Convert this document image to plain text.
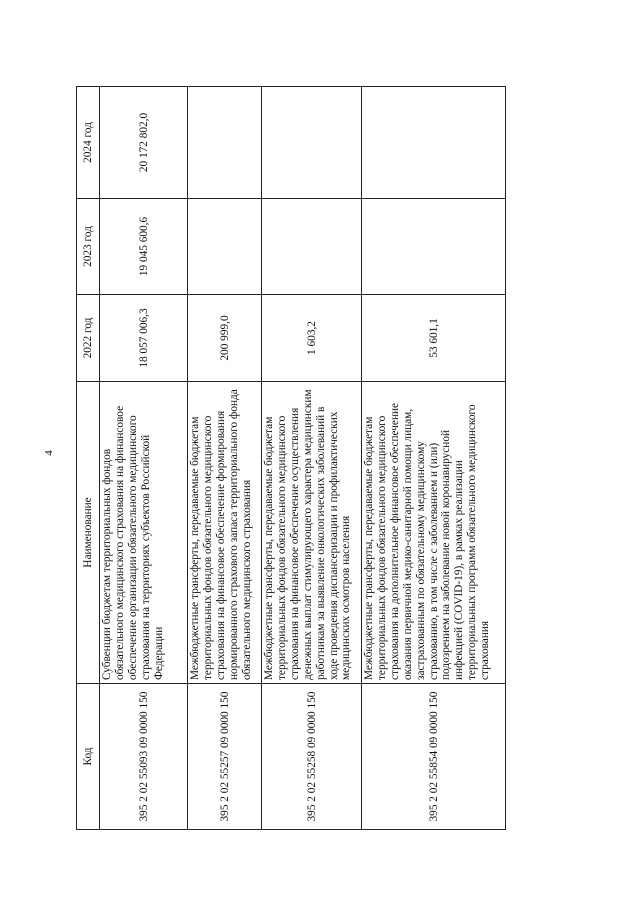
4
Код	Наименование	2022 год	2023 год	2024 год
395 2 02 55093 09 0000 150	Субвенции бюджетам территориальных фондов обязательного медицинского страхования на финансовое обеспечение организации обязательного медицинского страхования на территориях субъектов Российской Федерации	18 057 006,3	19 045 600,6	20 172 802,0
395 2 02 55257 09 0000 150	Межбюджетные трансферты, передаваемые бюджетам территориальных фондов обязательного медицинского страхования на финансовое обеспечение формирования нормированного страхового запаса территориального фонда обязательного медицинского страхования	200 999,0		
395 2 02 55258 09 0000 150	Межбюджетные трансферты, передаваемые бюджетам территориальных фондов обязательного медицинского страхования на финансовое обеспечение осуществления денежных выплат стимулирующего характера медицинским работникам за выявление онкологических заболеваний в ходе проведения диспансеризации и профилактических медицинских осмотров населения	1 603,2		
395 2 02 55854 09 0000 150	Межбюджетные трансферты, передаваемые бюджетам территориальных фондов обязательного медицинского страхования на дополнительное финансовое обеспечение оказания первичной медико-санитарной помощи лицам, застрахованным по обязательному медицинскому страхованию, в том числе с заболеванием и (или) подозрением на заболевание новой коронавирусной инфекцией (COVID-19), в рамках реализации территориальных программ обязательного медицинского страхования	53 601,1		
